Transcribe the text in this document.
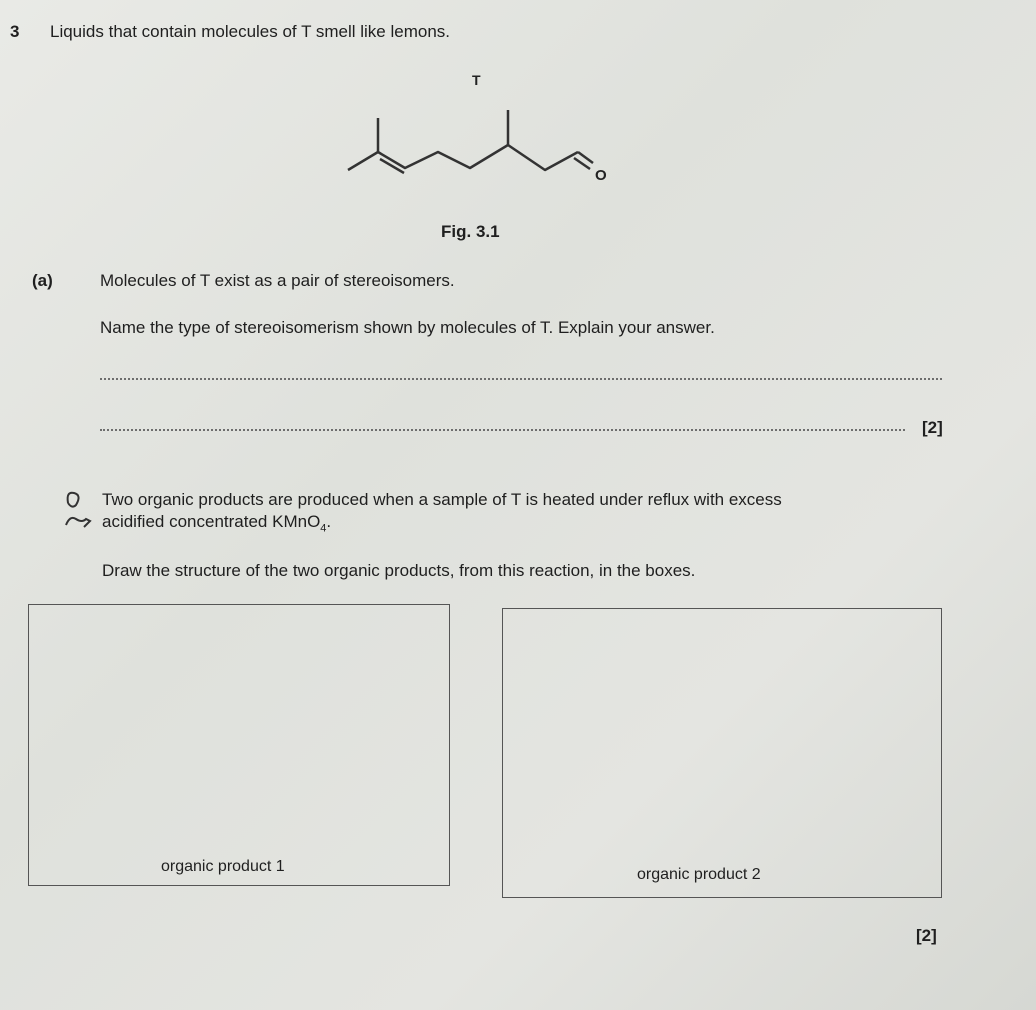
3 Liquids that contain molecules of T smell like lemons.
T
O
Fig. 3.1
(a)	Molecules of T exist as a pair of stereoisomers.
Name the type of stereoisomerism shown by molecules of T. Explain your answer.
[2]
Two organic products are produced when a sample of T is heated under reflux with excess
acidified concentrated KMnO$_4$.
Draw the structure of the two organic products, from this reaction, in the boxes.
organic product 1	organic product 2
[2]
